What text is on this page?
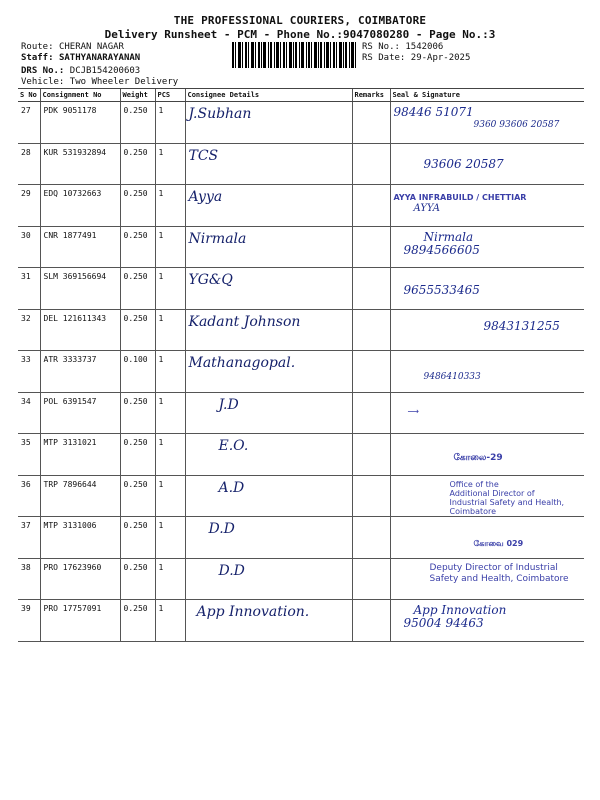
THE PROFESSIONAL COURIERS, COIMBATORE
Delivery Runsheet - PCM - Phone No.:9047080280 - Page No.:3
Route: CHERAN NAGAR
Staff: SATHYANARAYANAN
DRS No.: DCJB154200603
Vehicle: Two Wheeler Delivery
RS No.: 1542006
RS Date: 29-Apr-2025
S No	Consignment No	Weight	PCS	Consignee Details	Remarks	Seal & Signature
27	PDK 9051178	0.250	1	J.Subhan		98446 51071
9360 93606 20587

28	KUR 531932894	0.250	1	TCS		93606 20587

29	EDQ 10732663	0.250	1	Ayya		AYYA INFRABUILD / CHETTIAR
AYYA

30	CNR 1877491	0.250	1	Nirmala		Nirmala
9894566605

31	SLM 369156694	0.250	1	YG&Q		9655533465

32	DEL 121611343	0.250	1	Kadant Johnson		9843131255

33	ATR 3333737	0.100	1	Mathanagopal.		9486410333

34	POL 6391547	0.250	1	J.D		⟶

35	MTP 3131021	0.250	1	E.O.		கோலை-29

36	TRP 7896644	0.250	1	A.D		Office of the
Additional Director of
Industrial Safety and Health,
Coimbatore

37	MTP 3131006	0.250	1	D.D		கோவை 029

38	PRO 17623960	0.250	1	D.D		Deputy Director of Industrial
Safety and Health, Coimbatore

39	PRO 17757091	0.250	1	App Innovation.		App Innovation
95004 94463
